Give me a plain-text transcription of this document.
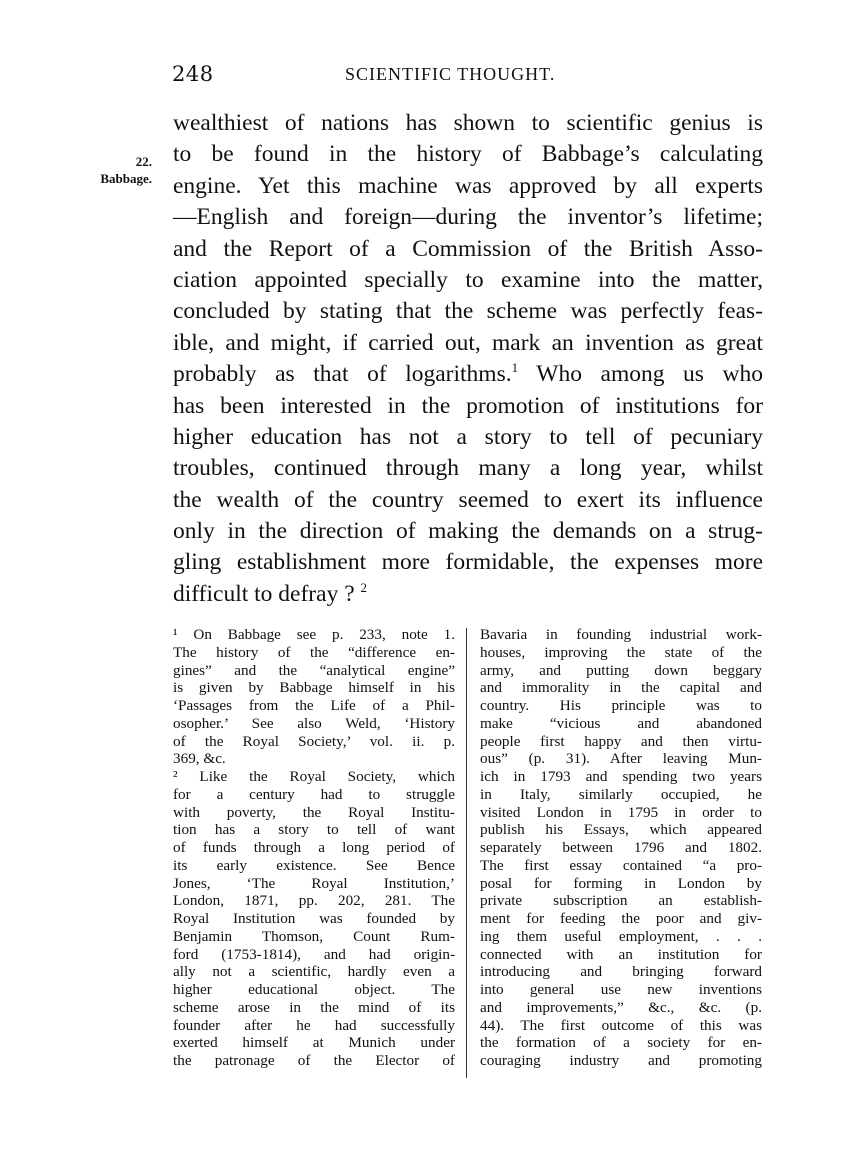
248	SCIENTIFIC THOUGHT.
22.
Babbage.
wealthiest of nations has shown to scientific genius is
to be found in the history of Babbage’s calculating
engine. Yet this machine was approved by all experts
—English and foreign—during the inventor’s lifetime;
and the Report of a Commission of the British Asso-
ciation appointed specially to examine into the matter,
concluded by stating that the scheme was perfectly feas-
ible, and might, if carried out, mark an invention as great
probably as that of logarithms.$^1$ Who among us who
has been interested in the promotion of institutions for
higher education has not a story to tell of pecuniary
troubles, continued through many a long year, whilst
the wealth of the country seemed to exert its influence
only in the direction of making the demands on a strug-
gling establishment more formidable, the expenses more
difficult to defray ? $^2$
¹ On Babbage see p. 233, note 1.
The history of the “difference en-
gines” and the “analytical engine”
is given by Babbage himself in his
‘Passages from the Life of a Phil-
osopher.’ See also Weld, ‘History
of the Royal Society,’ vol. ii. p.
369, &c.
² Like the Royal Society, which
for a century had to struggle
with poverty, the Royal Institu-
tion has a story to tell of want
of funds through a long period of
its early existence. See Bence
Jones, ‘The Royal Institution,’
London, 1871, pp. 202, 281. The
Royal Institution was founded by
Benjamin Thomson, Count Rum-
ford (1753-1814), and had origin-
ally not a scientific, hardly even a
higher educational object. The
scheme arose in the mind of its
founder after he had successfully
exerted himself at Munich under
the patronage of the Elector of
Bavaria in founding industrial work-
houses, improving the state of the
army, and putting down beggary
and immorality in the capital and
country. His principle was to
make “vicious and abandoned
people first happy and then virtu-
ous” (p. 31). After leaving Mun-
ich in 1793 and spending two years
in Italy, similarly occupied, he
visited London in 1795 in order to
publish his Essays, which appeared
separately between 1796 and 1802.
The first essay contained “a pro-
posal for forming in London by
private subscription an establish-
ment for feeding the poor and giv-
ing them useful employment, . . .
connected with an institution for
introducing and bringing forward
into general use new inventions
and improvements,” &c., &c. (p.
44). The first outcome of this was
the formation of a society for en-
couraging industry and promoting
